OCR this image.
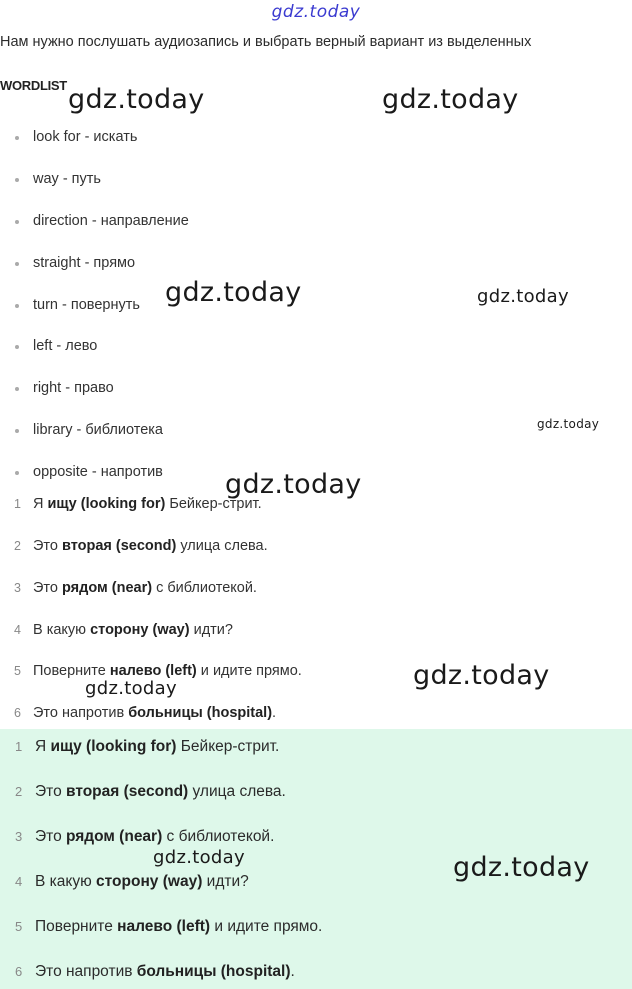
gdz.today
Нам нужно послушать аудиозапись и выбрать верный вариант из выделенных
WORDLIST
look for - искать
way - путь
direction - направление
straight - прямо
turn - повернуть
left - лево
right - право
library - библиотека
opposite - напротив
1 Я ищу (looking for) Бейкер-стрит.
2 Это вторая (second) улица слева.
3 Это рядом (near) с библиотекой.
4 В какую сторону (way) идти?
5 Поверните налево (left) и идите прямо.
6 Это напротив больницы (hospital).
1 Я ищу (looking for) Бейкер-стрит.
2 Это вторая (second) улица слева.
3 Это рядом (near) с библиотекой.
4 В какую сторону (way) идти?
5 Поверните налево (left) и идите прямо.
6 Это напротив больницы (hospital).
gdz.today	gdz.today
gdz.today	gdz.today
gdz.today
gdz.today
gdz.today
gdz.today
gdz.today	gdz.today
